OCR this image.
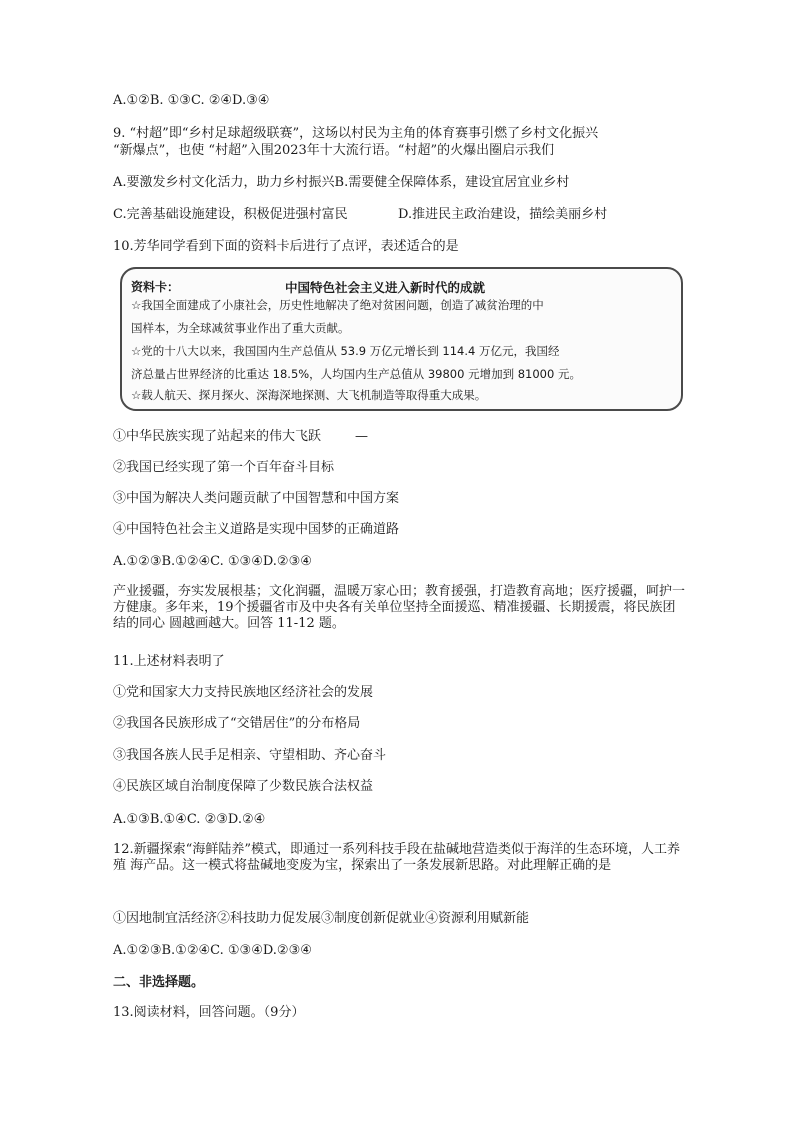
A.①②B. ①③C. ②④D.③④
9. “村超”即“乡村足球超级联赛”，这场以村民为主角的体育赛事引燃了乡村文化振兴
“新爆点”，也使 “村超”入围2023年十大流行语。“村超”的火爆出圈启示我们
A.要激发乡村文化活力，助力乡村振兴B.需要健全保障体系，建设宜居宜业乡村
C.完善基础设施建设，积极促进强村富民	D.推进民主政治建设，描绘美丽乡村
10.芳华同学看到下面的资料卡后进行了点评，表述适合的是
资料卡：	中国特色社会主义进入新时代的成就
☆我国全面建成了小康社会，历史性地解决了绝对贫困问题，创造了减贫治理的中
国样本，为全球减贫事业作出了重大贡献。
☆党的十八大以来，我国国内生产总值从 53.9 万亿元增长到 114.4 万亿元，我国经
济总量占世界经济的比重达 18.5%，人均国内生产总值从 39800 元增加到 81000 元。
☆载人航天、探月探火、深海深地探测、大飞机制造等取得重大成果。
①中华民族实现了站起来的伟大飞跃	—
②我国已经实现了第一个百年奋斗目标
③中国为解决人类问题贡献了中国智慧和中国方案
④中国特色社会主义道路是实现中国梦的正确道路
A.①②③B.①②④C. ①③④D.②③④
产业援疆，夯实发展根基；文化润疆，温暖万家心田；教育援强，打造教育高地；医疗援疆，呵护一方健康。多年来，19个援疆省市及中央各有关单位坚持全面援巡、精准援疆、长期援震，将民族团结的同心 圆越画越大。回答 11-12 题。
11.上述材料表明了
①党和国家大力支持民族地区经济社会的发展
②我国各民族形成了“交错居住”的分布格局
③我国各族人民手足相亲、守望相助、齐心奋斗
④民族区域自治制度保障了少数民族合法权益
A.①③B.①④C. ②③D.②④
12.新疆探索“海鲜陆养”模式，即通过一系列科技手段在盐碱地营造类似于海洋的生态环境，人工养殖 海产品。这一模式将盐碱地变废为宝，探索出了一条发展新思路。对此理解正确的是
①因地制宜活经济②科技助力促发展③制度创新促就业④资源利用赋新能
A.①②③B.①②④C. ①③④D.②③④
二、非选择题。
13.阅读材料，回答问题。（9分）
